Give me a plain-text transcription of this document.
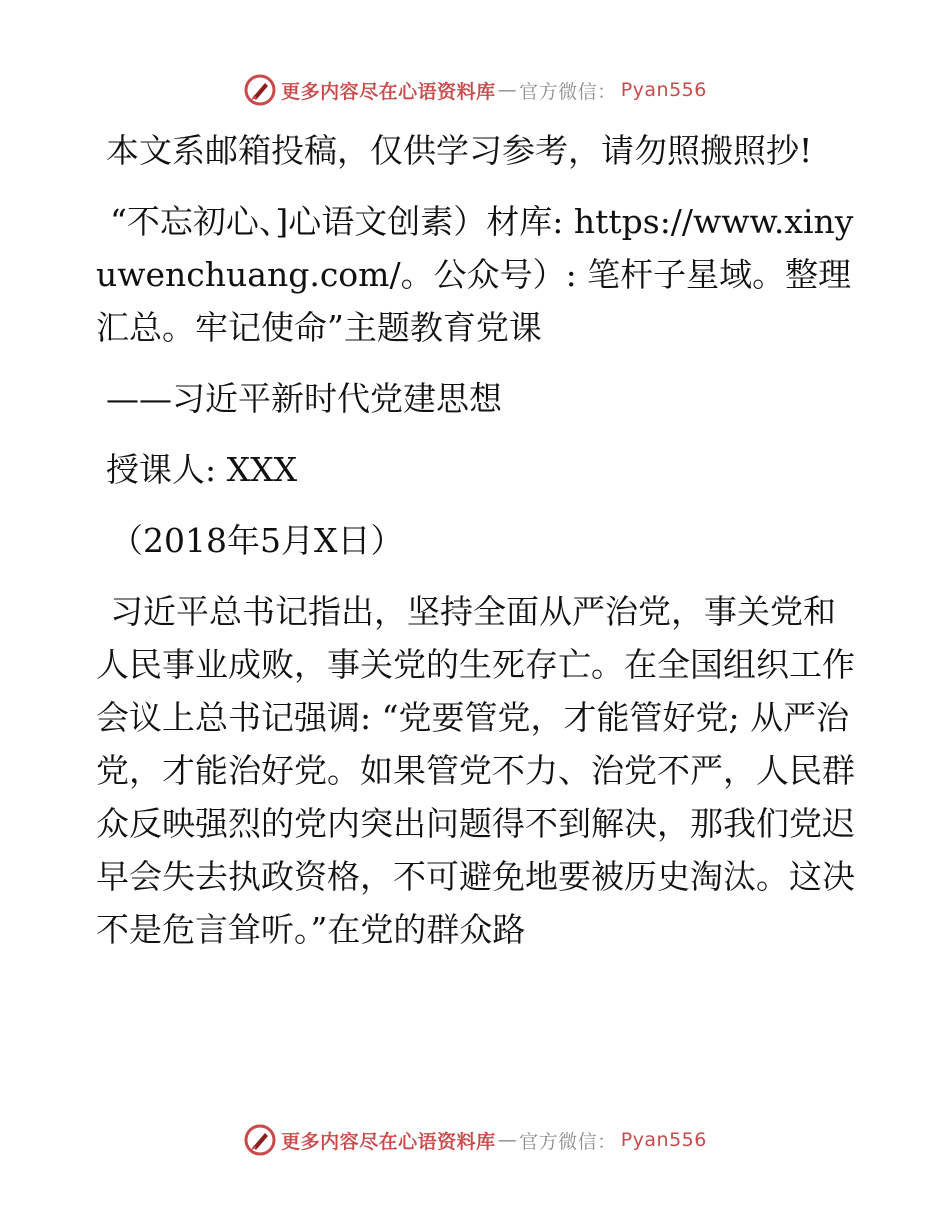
更多内容尽在心语资料库 — 官方微信： Pyan556

本文系邮箱投稿，仅供学习参考，请勿照搬照抄!

“不忘初心、]心语文创素）材库: https://www.xinyuwenchuang.com/。公众号）: 笔杆子星域。整理汇总。牢记使命”主题教育党课

——习近平新时代党建思想

授课人: XXX

（2018年5月X日）

习近平总书记指出，坚持全面从严治党，事关党和人民事业成败，事关党的生死存亡。在全国组织工作会议上总书记强调: “党要管党，才能管好党; 从严治党，才能治好党。如果管党不力、治党不严，人民群众反映强烈的党内突出问题得不到解决，那我们党迟早会失去执政资格，不可避免地要被历史淘汰。这决不是危言耸听。”在党的群众路

更多内容尽在心语资料库 — 官方微信： Pyan556
